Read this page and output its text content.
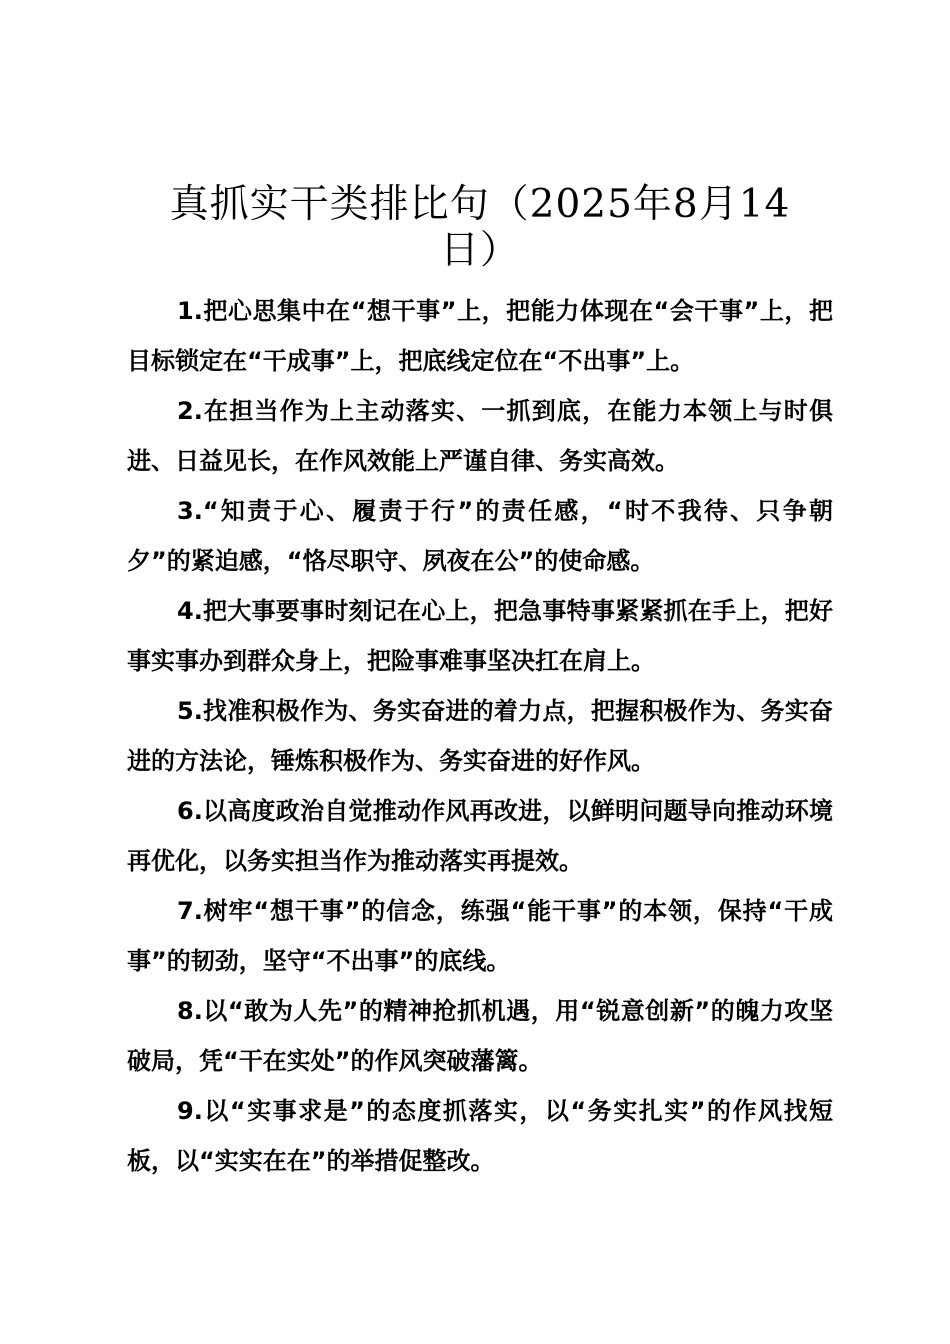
真抓实干类排比句（2025年8月14日）

1.把心思集中在“想干事”上，把能力体现在“会干事”上，把目标锁定在“干成事”上，把底线定位在“不出事”上。

2.在担当作为上主动落实、一抓到底，在能力本领上与时俱进、日益见长，在作风效能上严谨自律、务实高效。

3.“知责于心、履责于行”的责任感，“时不我待、只争朝夕”的紧迫感，“恪尽职守、夙夜在公”的使命感。

4.把大事要事时刻记在心上，把急事特事紧紧抓在手上，把好事实事办到群众身上，把险事难事坚决扛在肩上。

5.找准积极作为、务实奋进的着力点，把握积极作为、务实奋进的方法论，锤炼积极作为、务实奋进的好作风。

6.以高度政治自觉推动作风再改进，以鲜明问题导向推动环境再优化，以务实担当作为推动落实再提效。

7.树牢“想干事”的信念，练强“能干事”的本领，保持“干成事”的韧劲，坚守“不出事”的底线。

8.以“敢为人先”的精神抢抓机遇，用“锐意创新”的魄力攻坚破局，凭“干在实处”的作风突破藩篱。

9.以“实事求是”的态度抓落实，以“务实扎实”的作风找短板，以“实实在在”的举措促整改。
